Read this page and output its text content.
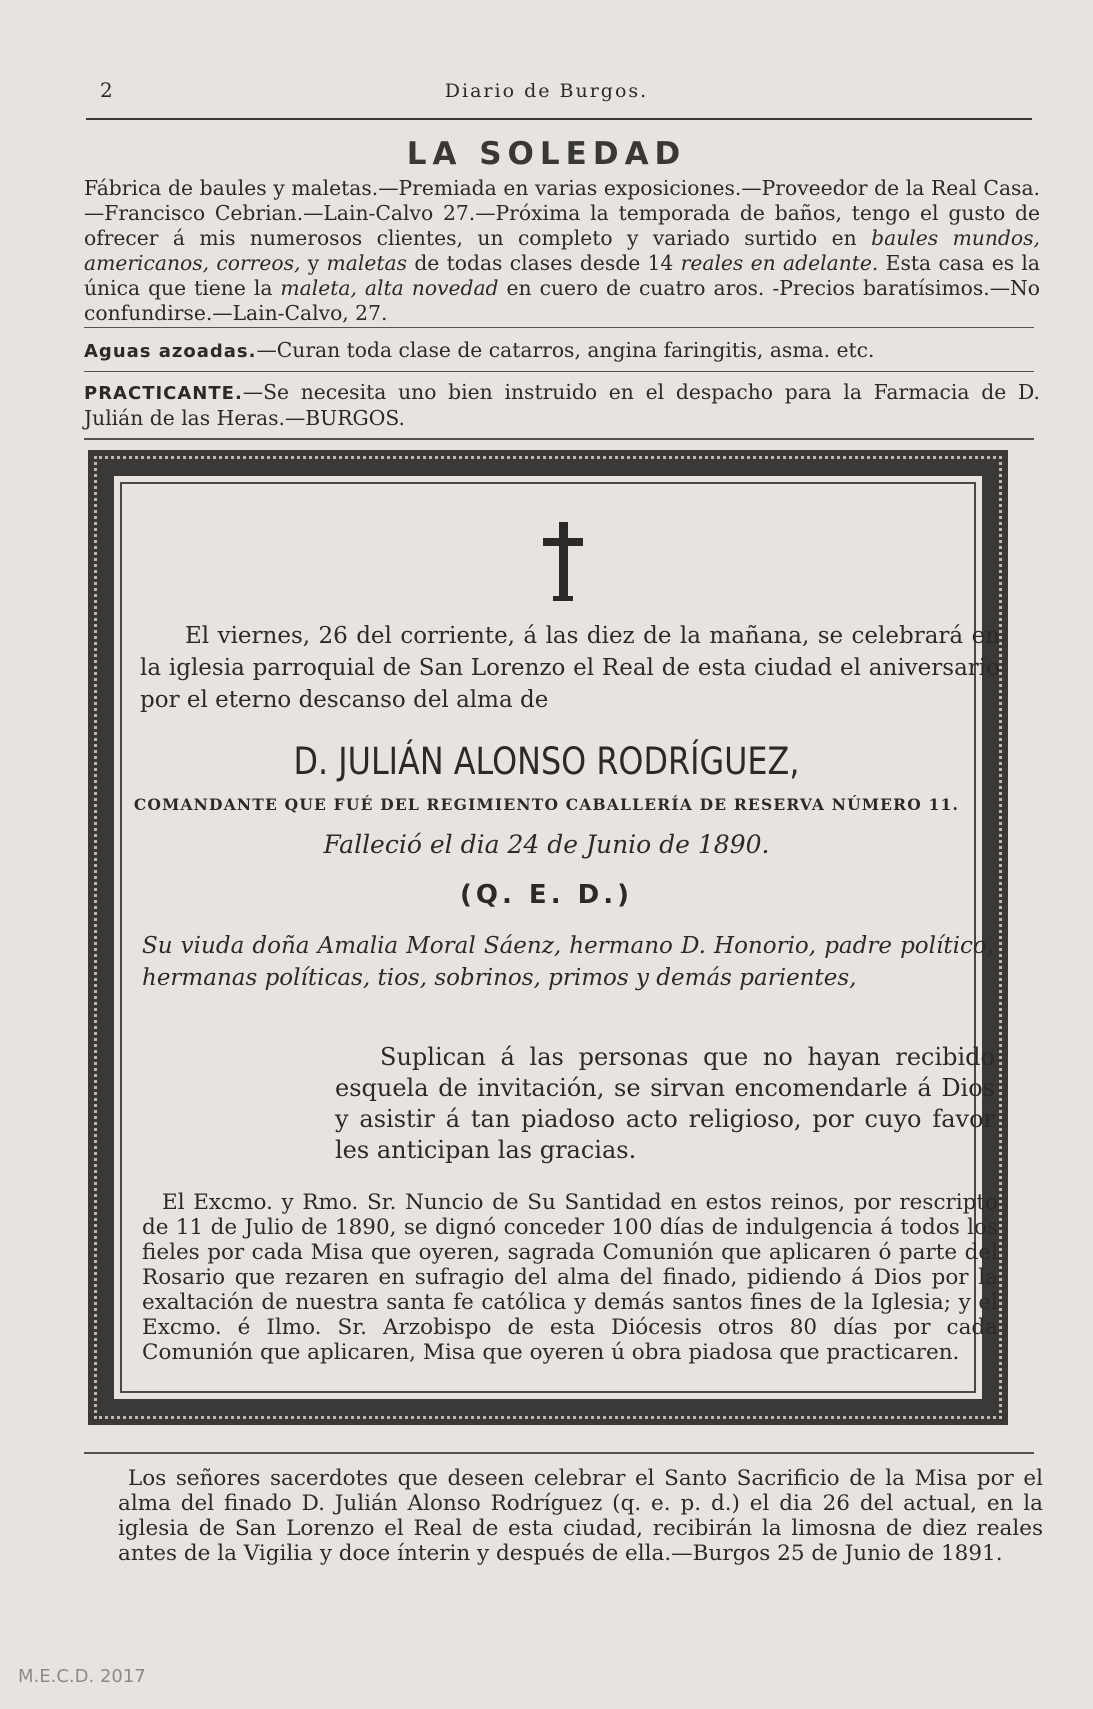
2	Diario de Burgos.
LA SOLEDAD
Fábrica de baules y maletas.—Premiada en varias exposiciones.—Proveedor de la Real Casa.—Francisco Cebrian.—Lain-Calvo 27.—Próxima la temporada de baños, tengo el gusto de ofrecer á mis numerosos clientes, un completo y variado surtido en baules mundos, americanos, correos, y maletas de todas clases desde 14 reales en adelante. Esta casa es la única que tiene la maleta, alta novedad en cuero de cuatro aros. -Precios baratísimos.—No confundirse.—Lain-Calvo, 27.
Aguas azoadas.—Curan toda clase de catarros, angina faringitis, asma. etc.
PRACTICANTE.—Se necesita uno bien instruido en el despacho para la Farmacia de D. Julián de las Heras.—BURGOS.
El viernes, 26 del corriente, á las diez de la mañana, se celebrará en la iglesia parroquial de San Lorenzo el Real de esta ciudad el aniversario por el eterno descanso del alma de
D. JULIÁN ALONSO RODRÍGUEZ,
COMANDANTE QUE FUÉ DEL REGIMIENTO CABALLERÍA DE RESERVA NÚMERO 11.
Falleció el dia 24 de Junio de 1890.
(Q. E. D.)
Su viuda doña Amalia Moral Sáenz, hermano D. Honorio, padre político, hermanas políticas, tios, sobrinos, primos y demás parientes,

Suplican á las personas que no hayan recibido esquela de invitación, se sirvan encomendarle á Dios y asistir á tan piadoso acto religioso, por cuyo favor les anticipan las gracias.

El Excmo. y Rmo. Sr. Nuncio de Su Santidad en estos reinos, por rescripto de 11 de Julio de 1890, se dignó conceder 100 días de indulgencia á todos los fieles por cada Misa que oyeren, sagrada Comunión que aplicaren ó parte del Rosario que rezaren en sufragio del alma del finado, pidiendo á Dios por la exaltación de nuestra santa fe católica y demás santos fines de la Iglesia; y el Excmo. é Ilmo. Sr. Arzobispo de esta Diócesis otros 80 días por cada Comunión que aplicaren, Misa que oyeren ú obra piadosa que practicaren.

Los señores sacerdotes que deseen celebrar el Santo Sacrificio de la Misa por el alma del finado D. Julián Alonso Rodríguez (q. e. p. d.) el dia 26 del actual, en la iglesia de San Lorenzo el Real de esta ciudad, recibirán la limosna de diez reales antes de la Vigilia y doce ínterin y después de ella.—Burgos 25 de Junio de 1891.

M.E.C.D. 2017
